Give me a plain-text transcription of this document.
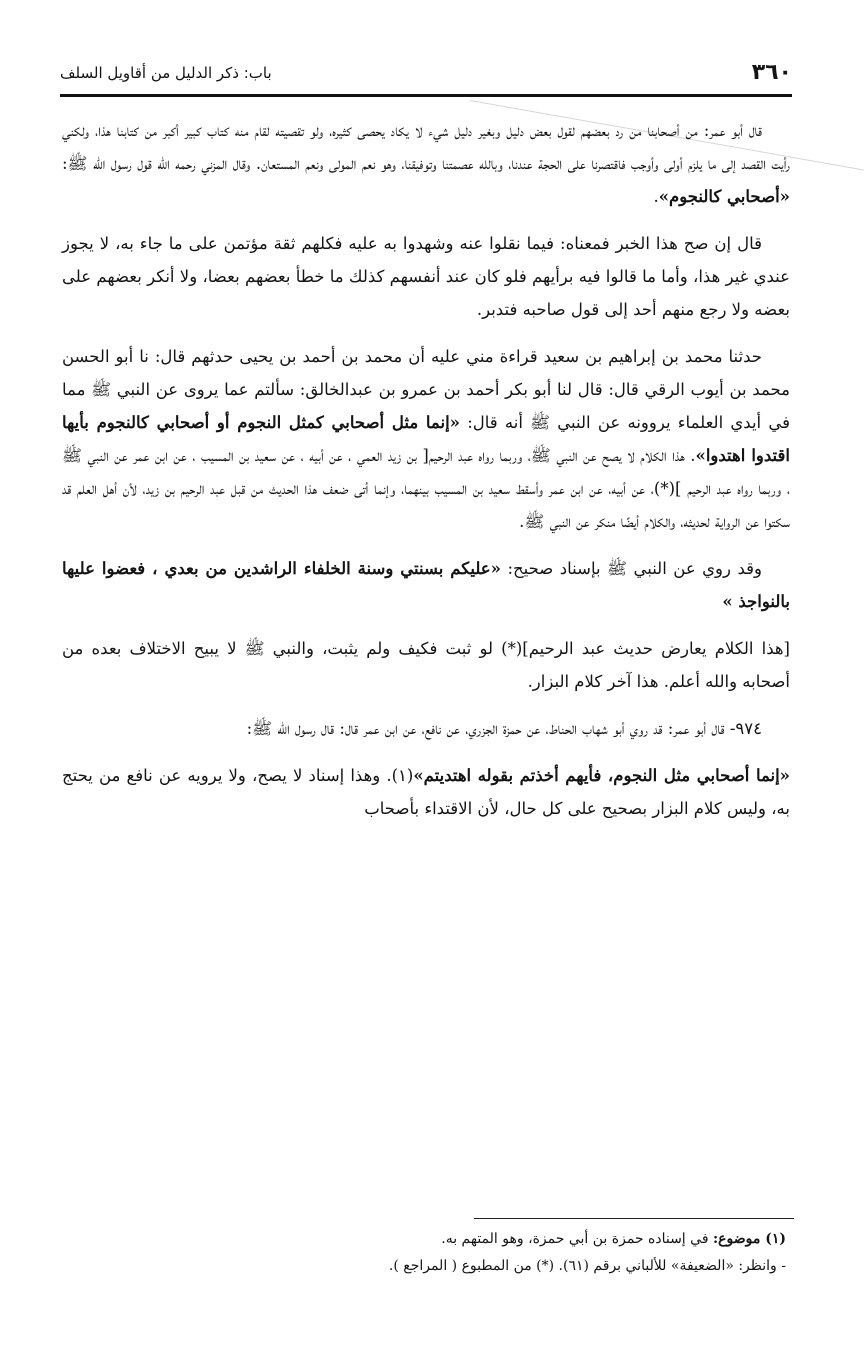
٣٦٠
باب: ذكر الدليل من أقاويل السلف

قال أبو عمر: من أصحابنا من رد بعضهم لقول بعض دليل وبغير دليل شيء لا يكاد يحصى كثيره، ولو تقصيته لقام منه كتاب كبير أكبر من كتابنا هذا، ولكني رأيت القصد إلى ما يلزم أولى وأوجب فاقتصرنا على الحجة عندنا، وبالله عصمتنا وتوفيقنا، وهو نعم المولى ونعم المستعان. وقال المزني رحمه الله قول رسول الله ﷺ: «أصحابي كالنجوم».

قال إن صح هذا الخبر فمعناه: فيما نقلوا عنه وشهدوا به عليه فكلهم ثقة مؤتمن على ما جاء به، لا يجوز عندي غير هذا، وأما ما قالوا فيه برأيهم فلو كان عند أنفسهم كذلك ما خطأ بعضهم بعضا، ولا أنكر بعضهم على بعضه ولا رجع منهم أحد إلى قول صاحبه فتدبر.

حدثنا محمد بن إبراهيم بن سعيد قراءة مني عليه أن محمد بن أحمد بن يحيى حدثهم قال: نا أبو الحسن محمد بن أيوب الرقي قال: قال لنا أبو بكر أحمد بن عمرو بن عبدالخالق: سألتم عما يروى عن النبي ﷺ مما في أيدي العلماء يروونه عن النبي ﷺ أنه قال: «إنما مثل أصحابي كمثل النجوم أو أصحابي كالنجوم بأيها اقتدوا اهتدوا». هذا الكلام لا يصح عن النبي ﷺ، وربما رواه عبد الرحيم[ بن زيد العمي ، عن أبيه ، عن سعيد بن المسيب ، عن ابن عمر عن النبي ﷺ ، وربما رواه عبد الرحيم ](*)، عن أبيه، عن ابن عمر وأسقط سعيد بن المسيب بينهما، وإنما أتى ضعف هذا الحديث من قبل عبد الرحيم بن زيد، لأن أهل العلم قد سكتوا عن الرواية لحديثه، والكلام أيضًا منكر عن النبي ﷺ.

وقد روي عن النبي ﷺ بإسناد صحيح: «عليكم بسنتي وسنة الخلفاء الراشدين من بعدي ، فعضوا عليها بالنواجذ »

[هذا الكلام يعارض حديث عبد الرحيم](*) لو ثبت فكيف ولم يثبت، والنبي ﷺ لا يبيح الاختلاف بعده من أصحابه والله أعلم. هذا آخر كلام البزار.

٩٧٤- قال أبو عمر: قد روي أبو شهاب الحناط، عن حمزة الجزري، عن نافع، عن ابن عمر قال: قال رسول الله ﷺ:

«إنما أصحابي مثل النجوم، فأيهم أخذتم بقوله اهتديتم»(١). وهذا إسناد لا يصح، ولا يرويه عن نافع من يحتج به، وليس كلام البزار بصحيح على كل حال، لأن الاقتداء بأصحاب

(١) موضوع: في إسناده حمزة بن أبي حمزة، وهو المتهم به.

- وانظر: «الضعيفة» للألباني برقم (٦١). (*) من المطبوع ( المراجع ).
